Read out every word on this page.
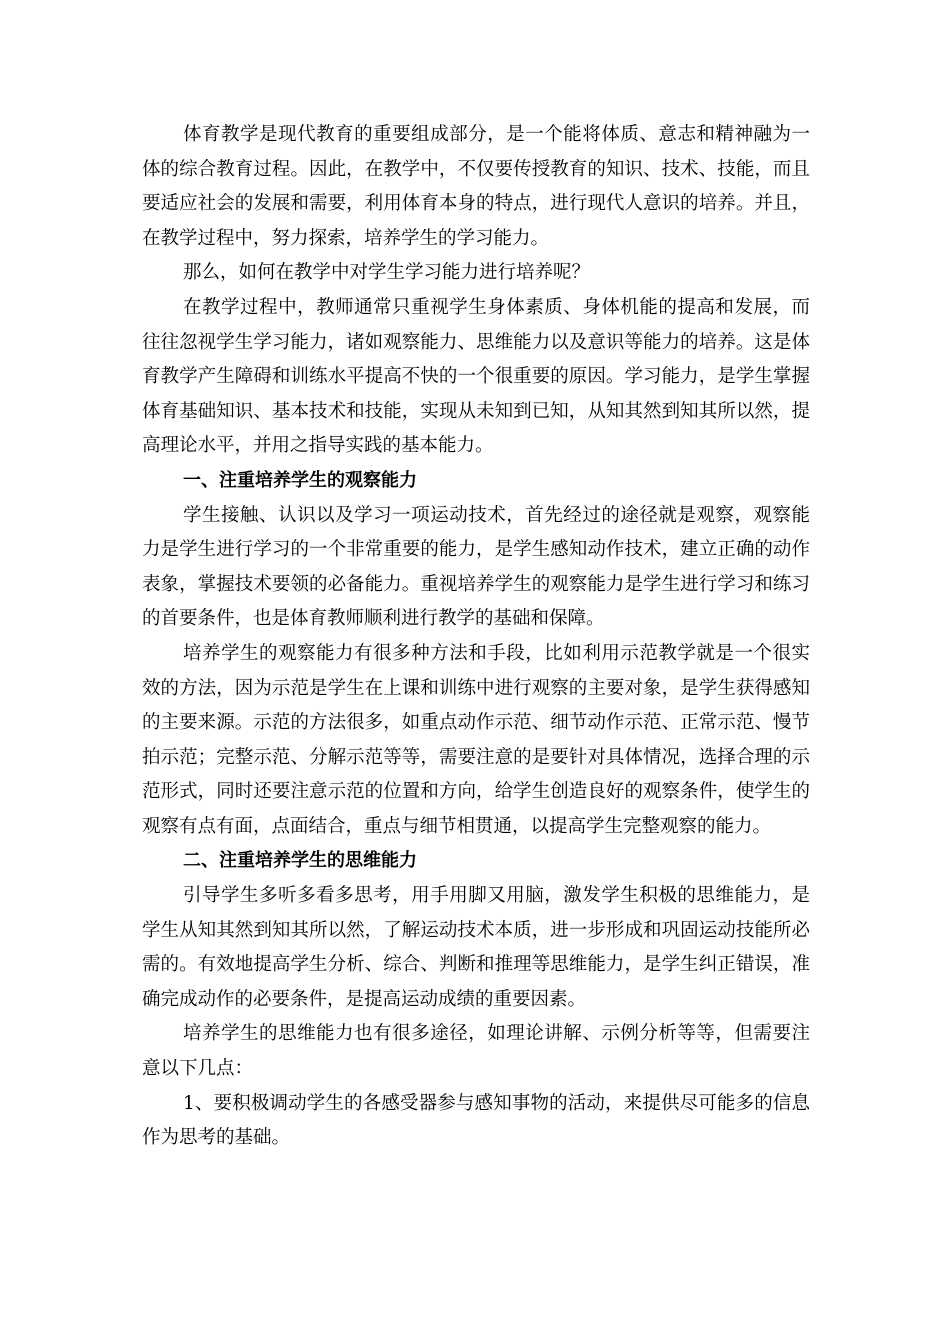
体育教学是现代教育的重要组成部分，是一个能将体质、意志和精神融为一体的综合教育过程。因此，在教学中，不仅要传授教育的知识、技术、技能，而且要适应社会的发展和需要，利用体育本身的特点，进行现代人意识的培养。并且，在教学过程中，努力探索，培养学生的学习能力。

那么，如何在教学中对学生学习能力进行培养呢？

在教学过程中，教师通常只重视学生身体素质、身体机能的提高和发展，而往往忽视学生学习能力，诸如观察能力、思维能力以及意识等能力的培养。这是体育教学产生障碍和训练水平提高不快的一个很重要的原因。学习能力，是学生掌握体育基础知识、基本技术和技能，实现从未知到已知，从知其然到知其所以然，提高理论水平，并用之指导实践的基本能力。

一、注重培养学生的观察能力

学生接触、认识以及学习一项运动技术，首先经过的途径就是观察，观察能力是学生进行学习的一个非常重要的能力，是学生感知动作技术，建立正确的动作表象，掌握技术要领的必备能力。重视培养学生的观察能力是学生进行学习和练习的首要条件，也是体育教师顺利进行教学的基础和保障。

培养学生的观察能力有很多种方法和手段，比如利用示范教学就是一个很实效的方法，因为示范是学生在上课和训练中进行观察的主要对象，是学生获得感知的主要来源。示范的方法很多，如重点动作示范、细节动作示范、正常示范、慢节拍示范；完整示范、分解示范等等，需要注意的是要针对具体情况，选择合理的示范形式，同时还要注意示范的位置和方向，给学生创造良好的观察条件，使学生的观察有点有面，点面结合，重点与细节相贯通，以提高学生完整观察的能力。

二、注重培养学生的思维能力

引导学生多听多看多思考，用手用脚又用脑，激发学生积极的思维能力，是学生从知其然到知其所以然，了解运动技术本质，进一步形成和巩固运动技能所必需的。有效地提高学生分析、综合、判断和推理等思维能力，是学生纠正错误，准确完成动作的必要条件，是提高运动成绩的重要因素。

培养学生的思维能力也有很多途径，如理论讲解、示例分析等等，但需要注意以下几点：

1、要积极调动学生的各感受器参与感知事物的活动，来提供尽可能多的信息作为思考的基础。
